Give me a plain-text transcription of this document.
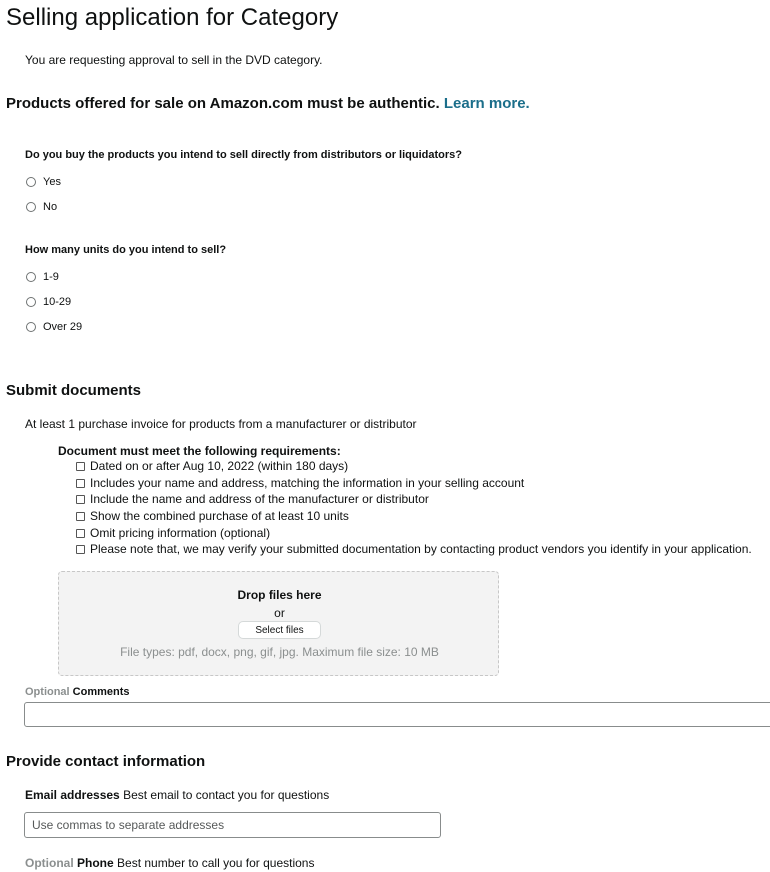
Selling application for Category
You are requesting approval to sell in the DVD category.
Products offered for sale on Amazon.com must be authentic. Learn more.
Do you buy the products you intend to sell directly from distributors or liquidators?
Yes
No
How many units do you intend to sell?
1-9
10-29
Over 29
Submit documents
At least 1 purchase invoice for products from a manufacturer or distributor
Document must meet the following requirements:
Dated on or after Aug 10, 2022 (within 180 days)
Includes your name and address, matching the information in your selling account
Include the name and address of the manufacturer or distributor
Show the combined purchase of at least 10 units
Omit pricing information (optional)
Please note that, we may verify your submitted documentation by contacting product vendors you identify in your application.
Drop files here
or
Select files
File types: pdf, docx, png, gif, jpg. Maximum file size: 10 MB
Optional Comments
Provide contact information
Email addresses Best email to contact you for questions
Use commas to separate addresses
Optional Phone Best number to call you for questions
